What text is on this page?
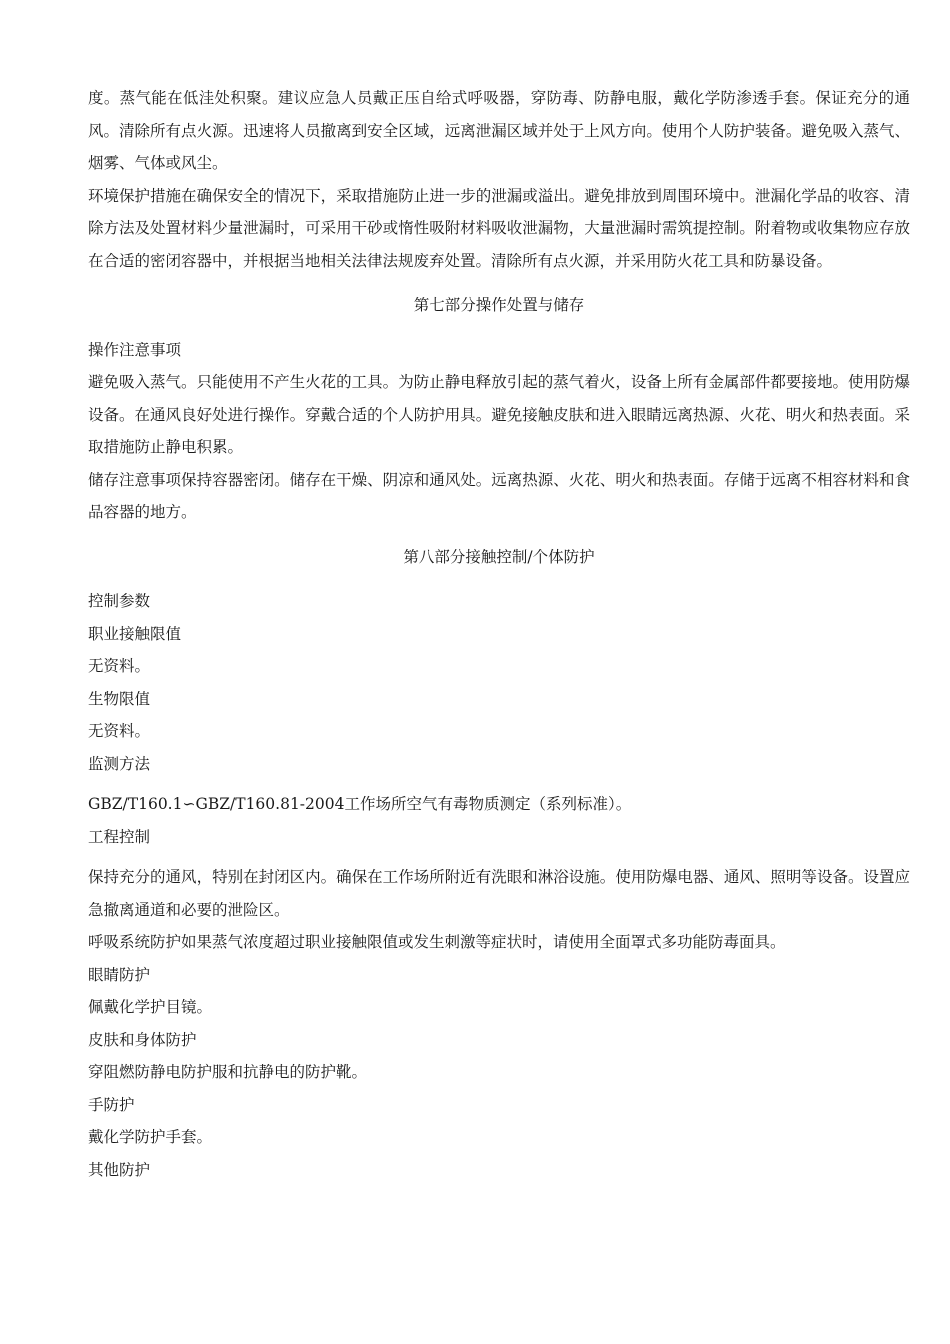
度。蒸气能在低洼处积聚。建议应急人员戴正压自给式呼吸器，穿防毒、防静电服，戴化学防渗透手套。保证充分的通风。清除所有点火源。迅速将人员撤离到安全区域，远离泄漏区域并处于上风方向。使用个人防护装备。避免吸入蒸气、烟雾、气体或风尘。

环境保护措施在确保安全的情况下，采取措施防止进一步的泄漏或溢出。避免排放到周围环境中。泄漏化学品的收容、清除方法及处置材料少量泄漏时，可采用干砂或惰性吸附材料吸收泄漏物，大量泄漏时需筑提控制。附着物或收集物应存放在合适的密闭容器中，并根据当地相关法律法规废弃处置。清除所有点火源，并采用防火花工具和防暴设备。

第七部分操作处置与储存

操作注意事项

避免吸入蒸气。只能使用不产生火花的工具。为防止静电释放引起的蒸气着火，设备上所有金属部件都要接地。使用防爆设备。在通风良好处进行操作。穿戴合适的个人防护用具。避免接触皮肤和进入眼睛远离热源、火花、明火和热表面。采取措施防止静电积累。

储存注意事项保持容器密闭。储存在干燥、阴凉和通风处。远离热源、火花、明火和热表面。存储于远离不相容材料和食品容器的地方。

第八部分接触控制/个体防护

控制参数

职业接触限值

无资料。

生物限值

无资料。

监测方法

GBZ/T160.1∽GBZ/T160.81-2004工作场所空气有毒物质测定（系列标准）。

工程控制

保持充分的通风，特别在封闭区内。确保在工作场所附近有洗眼和淋浴设施。使用防爆电器、通风、照明等设备。设置应急撤离通道和必要的泄险区。

呼吸系统防护如果蒸气浓度超过职业接触限值或发生刺激等症状时，请使用全面罩式多功能防毒面具。

眼睛防护

佩戴化学护目镜。

皮肤和身体防护

穿阻燃防静电防护服和抗静电的防护靴。

手防护

戴化学防护手套。

其他防护
